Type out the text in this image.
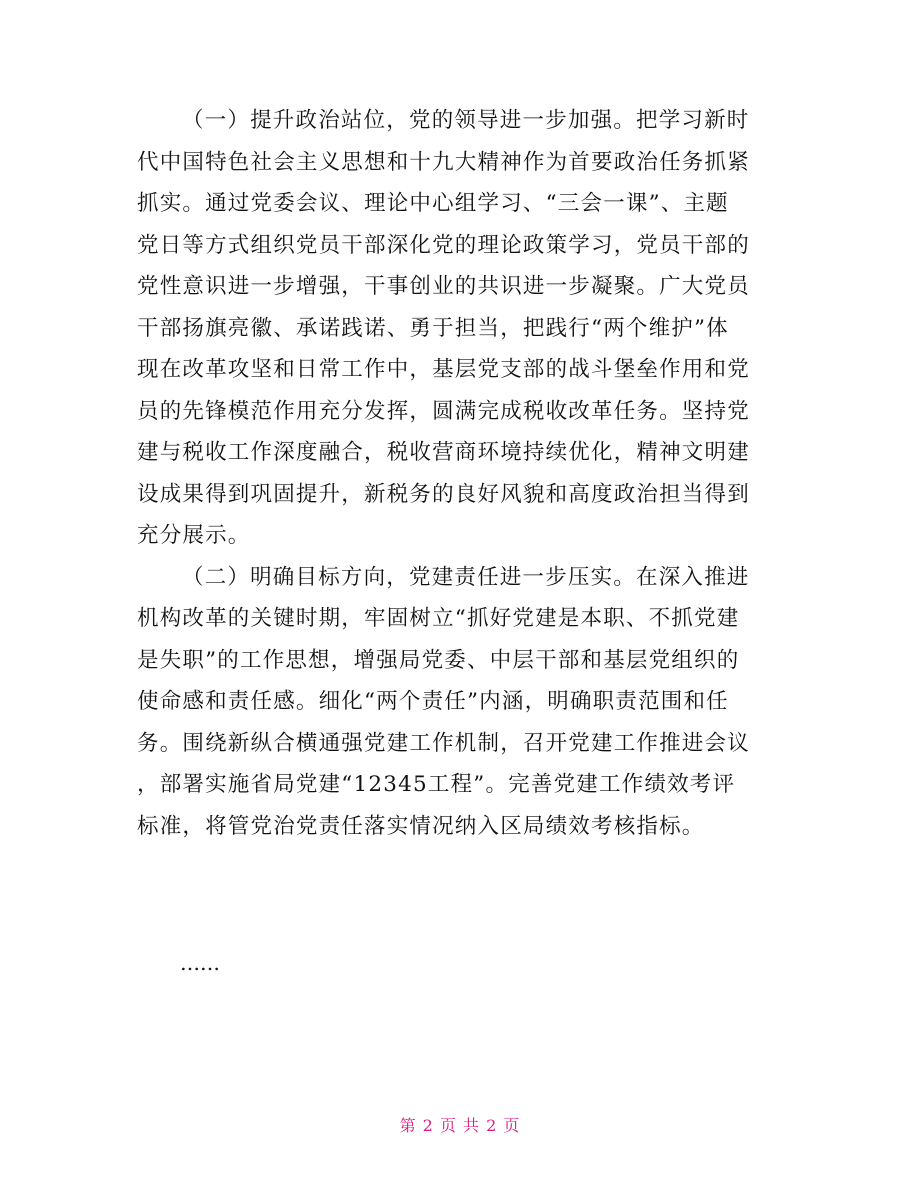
（一）提升政治站位，党的领导进一步加强。把学习新时
代中国特色社会主义思想和十九大精神作为首要政治任务抓紧
抓实。通过党委会议、理论中心组学习、“三会一课”、主题
党日等方式组织党员干部深化党的理论政策学习，党员干部的
党性意识进一步增强，干事创业的共识进一步凝聚。广大党员
干部扬旗亮徽、承诺践诺、勇于担当，把践行“两个维护”体
现在改革攻坚和日常工作中，基层党支部的战斗堡垒作用和党
员的先锋模范作用充分发挥，圆满完成税收改革任务。坚持党
建与税收工作深度融合，税收营商环境持续优化，精神文明建
设成果得到巩固提升，新税务的良好风貌和高度政治担当得到
充分展示。
（二）明确目标方向，党建责任进一步压实。在深入推进
机构改革的关键时期，牢固树立“抓好党建是本职、不抓党建
是失职”的工作思想，增强局党委、中层干部和基层党组织的
使命感和责任感。细化“两个责任”内涵，明确职责范围和任
务。围绕新纵合横通强党建工作机制，召开党建工作推进会议
，部署实施省局党建“12345工程”。完善党建工作绩效考评
标准，将管党治党责任落实情况纳入区局绩效考核指标。
……
第 2 页 共 2 页
